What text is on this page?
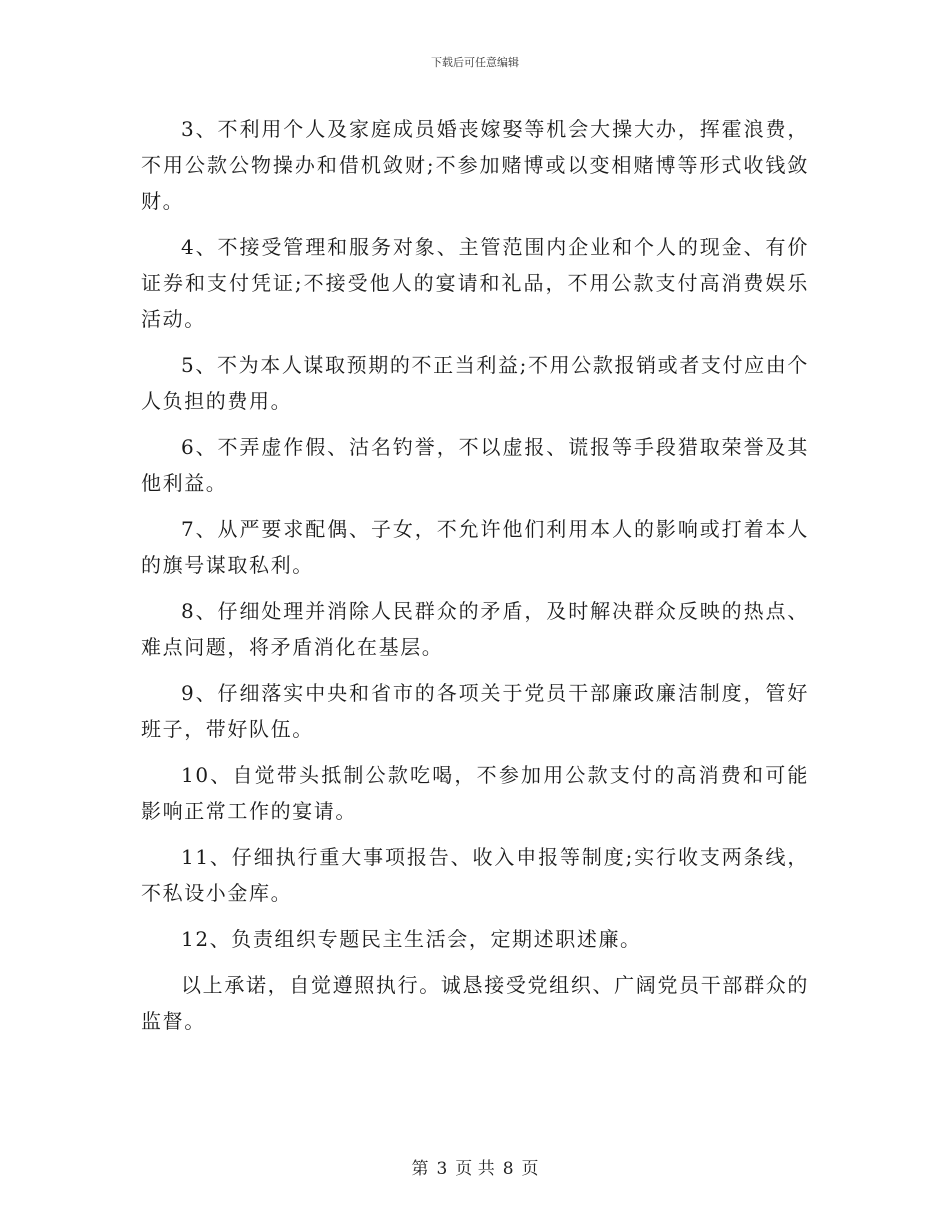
下载后可任意编辑

3、不利用个人及家庭成员婚丧嫁娶等机会大操大办，挥霍浪费，不用公款公物操办和借机敛财;不参加赌博或以变相赌博等形式收钱敛财。

4、不接受管理和服务对象、主管范围内企业和个人的现金、有价证券和支付凭证;不接受他人的宴请和礼品，不用公款支付高消费娱乐活动。

5、不为本人谋取预期的不正当利益;不用公款报销或者支付应由个人负担的费用。

6、不弄虚作假、沽名钓誉，不以虚报、谎报等手段猎取荣誉及其他利益。

7、从严要求配偶、子女，不允许他们利用本人的影响或打着本人的旗号谋取私利。

8、仔细处理并消除人民群众的矛盾，及时解决群众反映的热点、难点问题，将矛盾消化在基层。

9、仔细落实中央和省市的各项关于党员干部廉政廉洁制度，管好班子，带好队伍。

10、自觉带头抵制公款吃喝，不参加用公款支付的高消费和可能影响正常工作的宴请。

11、仔细执行重大事项报告、收入申报等制度;实行收支两条线，不私设小金库。

12、负责组织专题民主生活会，定期述职述廉。

以上承诺，自觉遵照执行。诚恳接受党组织、广阔党员干部群众的监督。

第 3 页 共 8 页
